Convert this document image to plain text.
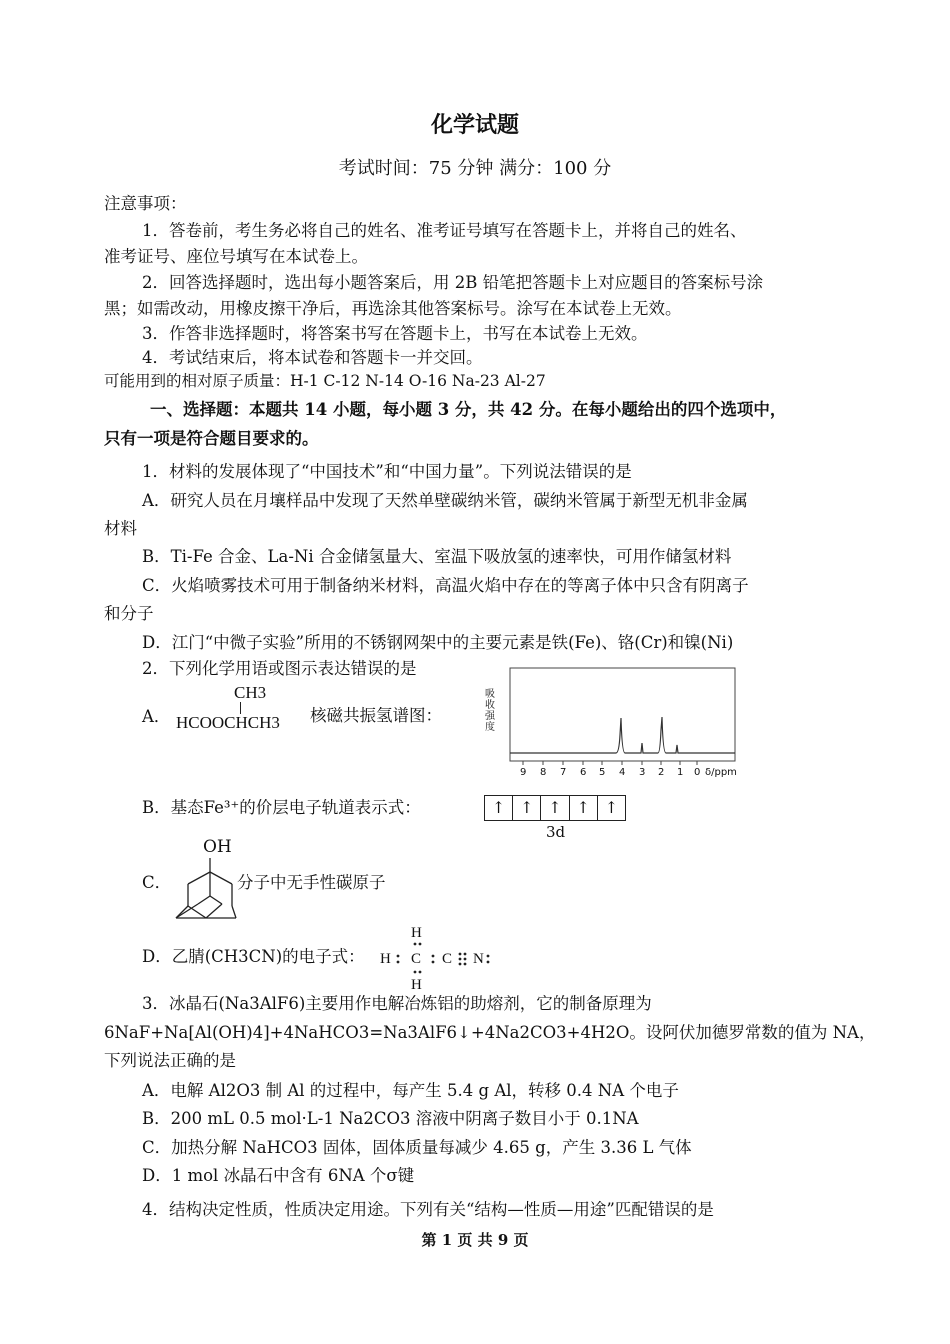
化学试题
考试时间：75 分钟 满分：100 分
注意事项：
1．答卷前，考生务必将自己的姓名、准考证号填写在答题卡上，并将自己的姓名、
准考证号、座位号填写在本试卷上。
2．回答选择题时，选出每小题答案后，用 2B 铅笔把答题卡上对应题目的答案标号涂
黑；如需改动，用橡皮擦干净后，再选涂其他答案标号。涂写在本试卷上无效。
3．作答非选择题时，将答案书写在答题卡上，书写在本试卷上无效。
4．考试结束后，将本试卷和答题卡一并交回。
可能用到的相对原子质量：H-1 C-12 N-14 O-16 Na-23 Al-27
一、选择题：本题共 14 小题，每小题 3 分，共 42 分。在每小题给出的四个选项中，
只有一项是符合题目要求的。
1．材料的发展体现了“中国技术”和“中国力量”。下列说法错误的是
A．研究人员在月壤样品中发现了天然单壁碳纳米管，碳纳米管属于新型无机非金属
材料
B．Ti-Fe 合金、La-Ni 合金储氢量大、室温下吸放氢的速率快，可用作储氢材料
C．火焰喷雾技术可用于制备纳米材料，高温火焰中存在的等离子体中只含有阴离子
和分子
D．江门“中微子实验”所用的不锈钢网架中的主要元素是铁(Fe)、铬(Cr)和镍(Ni)
2．下列化学用语或图示表达错误的是
A．
CH3
HCOOCHCH3 核磁共振氢谱图：
吸
收
强
度
9 8 7 6 5 4 3 2 1 0 δ/ppm
B．基态Fe³⁺的价层电子轨道表示式：	↑ ↑ ↑ ↑ ↑
3d
C．
OH
分子中无手性碳原子
D．乙腈(CH3CN)的电子式：
H
H C C N
H
3．冰晶石(Na3AlF6)主要用作电解冶炼铝的助熔剂，它的制备原理为
6NaF+Na[Al(OH)4]+4NaHCO3=Na3AlF6↓+4Na2CO3+4H2O。设阿伏加德罗常数的值为 NA，
下列说法正确的是
A．电解 Al2O3 制 Al 的过程中，每产生 5.4 g Al，转移 0.4 NA 个电子
B．200 mL 0.5 mol·L-1 Na2CO3 溶液中阴离子数目小于 0.1NA
C．加热分解 NaHCO3 固体，固体质量每减少 4.65 g，产生 3.36 L 气体
D．1 mol 冰晶石中含有 6NA 个σ键
4．结构决定性质，性质决定用途。下列有关“结构—性质—用途”匹配错误的是
第 1 页 共 9 页
